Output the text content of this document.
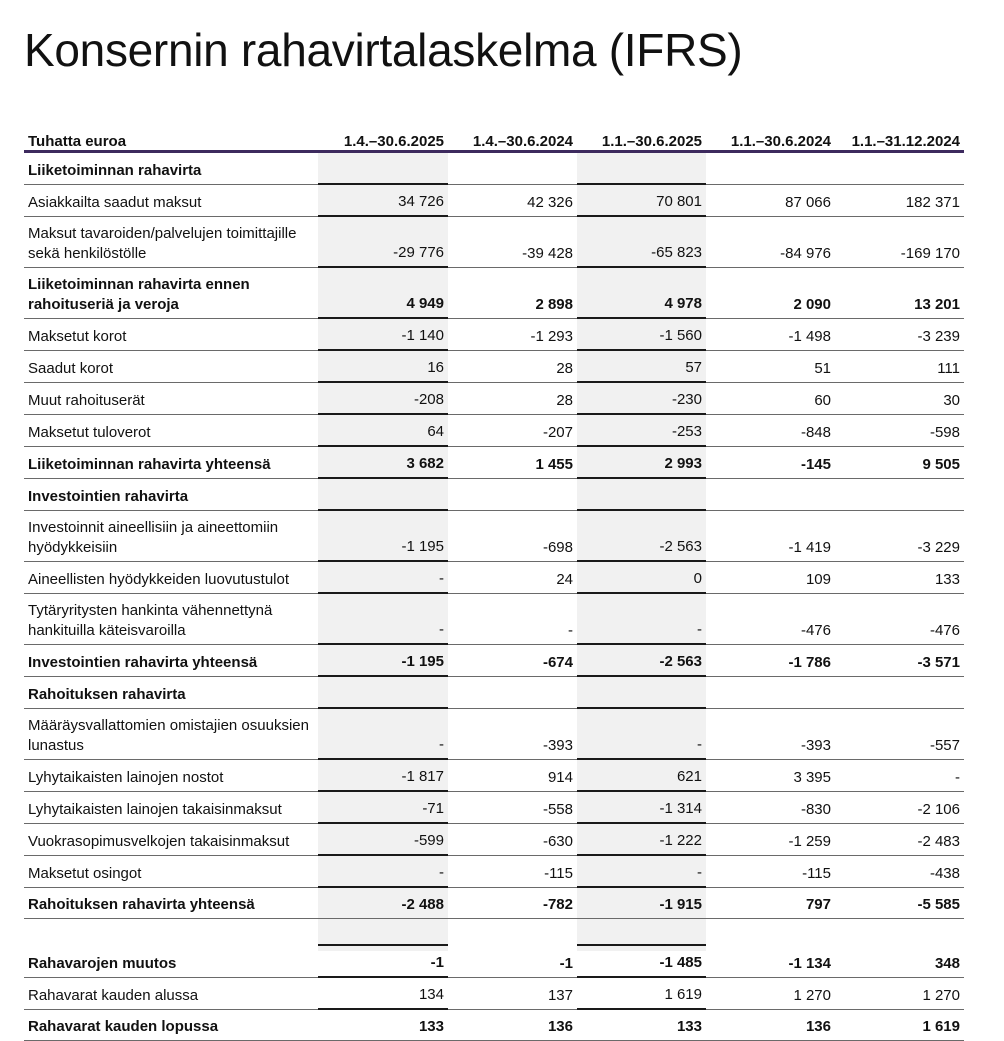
Konsernin rahavirtalaskelma (IFRS)
Tuhatta euroa	1.4.–30.6.2025	1.4.–30.6.2024	1.1.–30.6.2025	1.1.–30.6.2024	1.1.–31.12.2024
Liiketoiminnan rahavirta					
Asiakkailta saadut maksut	34 726	42 326	70 801	87 066	182 371
Maksut tavaroiden/palvelujen toimittajille sekä henkilöstölle	-29 776	-39 428	-65 823	-84 976	-169 170
Liiketoiminnan rahavirta ennen rahoituseriä ja veroja	4 949	2 898	4 978	2 090	13 201
Maksetut korot	-1 140	-1 293	-1 560	-1 498	-3 239
Saadut korot	16	28	57	51	111
Muut rahoituserät	-208	28	-230	60	30
Maksetut tuloverot	64	-207	-253	-848	-598
Liiketoiminnan rahavirta yhteensä	3 682	1 455	2 993	-145	9 505
Investointien rahavirta					
Investoinnit aineellisiin ja aineettomiin hyödykkeisiin	-1 195	-698	-2 563	-1 419	-3 229
Aineellisten hyödykkeiden luovutustulot	-	24	0	109	133
Tytäryritysten hankinta vähennettynä hankituilla käteisvaroilla	-	-	-	-476	-476
Investointien rahavirta yhteensä	-1 195	-674	-2 563	-1 786	-3 571
Rahoituksen rahavirta					
Määräysvallattomien omistajien osuuksien lunastus	-	-393	-	-393	-557
Lyhytaikaisten lainojen nostot	-1 817	914	621	3 395	-
Lyhytaikaisten lainojen takaisinmaksut	-71	-558	-1 314	-830	-2 106
Vuokrasopimusvelkojen takaisinmaksut	-599	-630	-1 222	-1 259	-2 483
Maksetut osingot	-	-115	-	-115	-438
Rahoituksen rahavirta yhteensä	-2 488	-782	-1 915	797	-5 585

Rahavarojen muutos	-1	-1	-1 485	-1 134	348
Rahavarat kauden alussa	134	137	1 619	1 270	1 270
Rahavarat kauden lopussa	133	136	133	136	1 619
